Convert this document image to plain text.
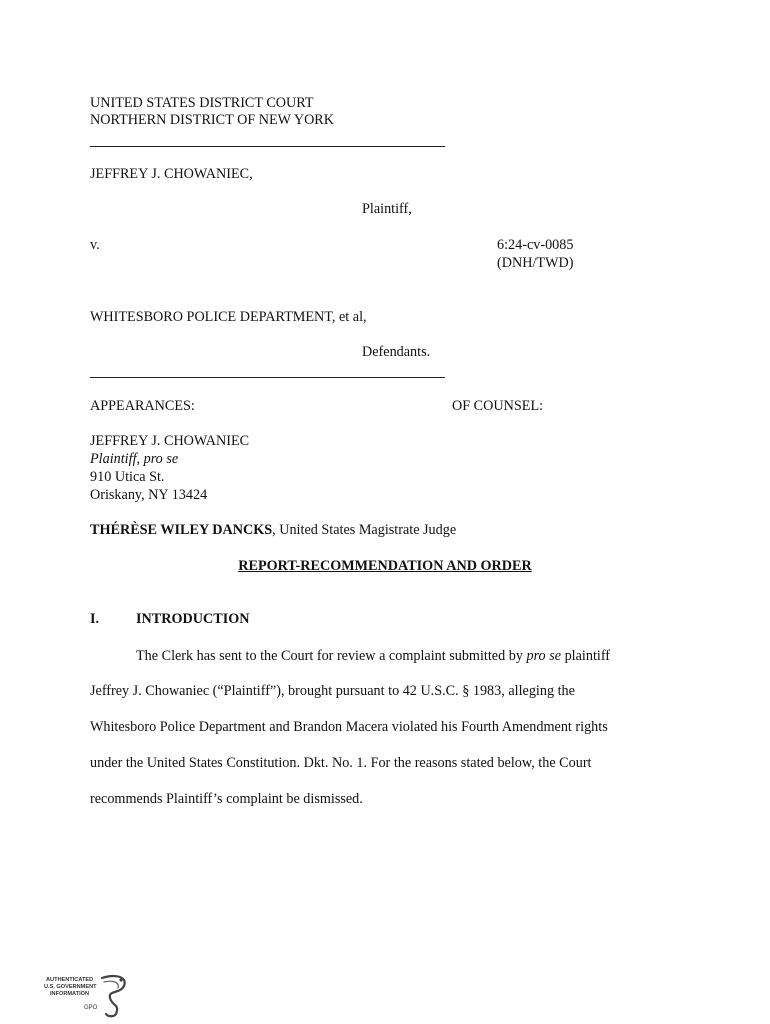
UNITED STATES DISTRICT COURT
NORTHERN DISTRICT OF NEW YORK
JEFFREY J. CHOWANIEC,
Plaintiff,
v.	6:24-cv-0085
(DNH/TWD)
WHITESBORO POLICE DEPARTMENT, et al,
Defendants.
APPEARANCES:	OF COUNSEL:
JEFFREY J. CHOWANIEC
Plaintiff, pro se
910 Utica St.
Oriskany, NY 13424
THÉRÈSE WILEY DANCKS, United States Magistrate Judge
REPORT-RECOMMENDATION AND ORDER
I.	INTRODUCTION
The Clerk has sent to the Court for review a complaint submitted by pro se plaintiff
Jeffrey J. Chowaniec (“Plaintiff”), brought pursuant to 42 U.S.C. § 1983, alleging the
Whitesboro Police Department and Brandon Macera violated his Fourth Amendment rights
under the United States Constitution. Dkt. No. 1. For the reasons stated below, the Court
recommends Plaintiff’s complaint be dismissed.
AUTHENTICATED
U.S. GOVERNMENT
INFORMATION
GPO
